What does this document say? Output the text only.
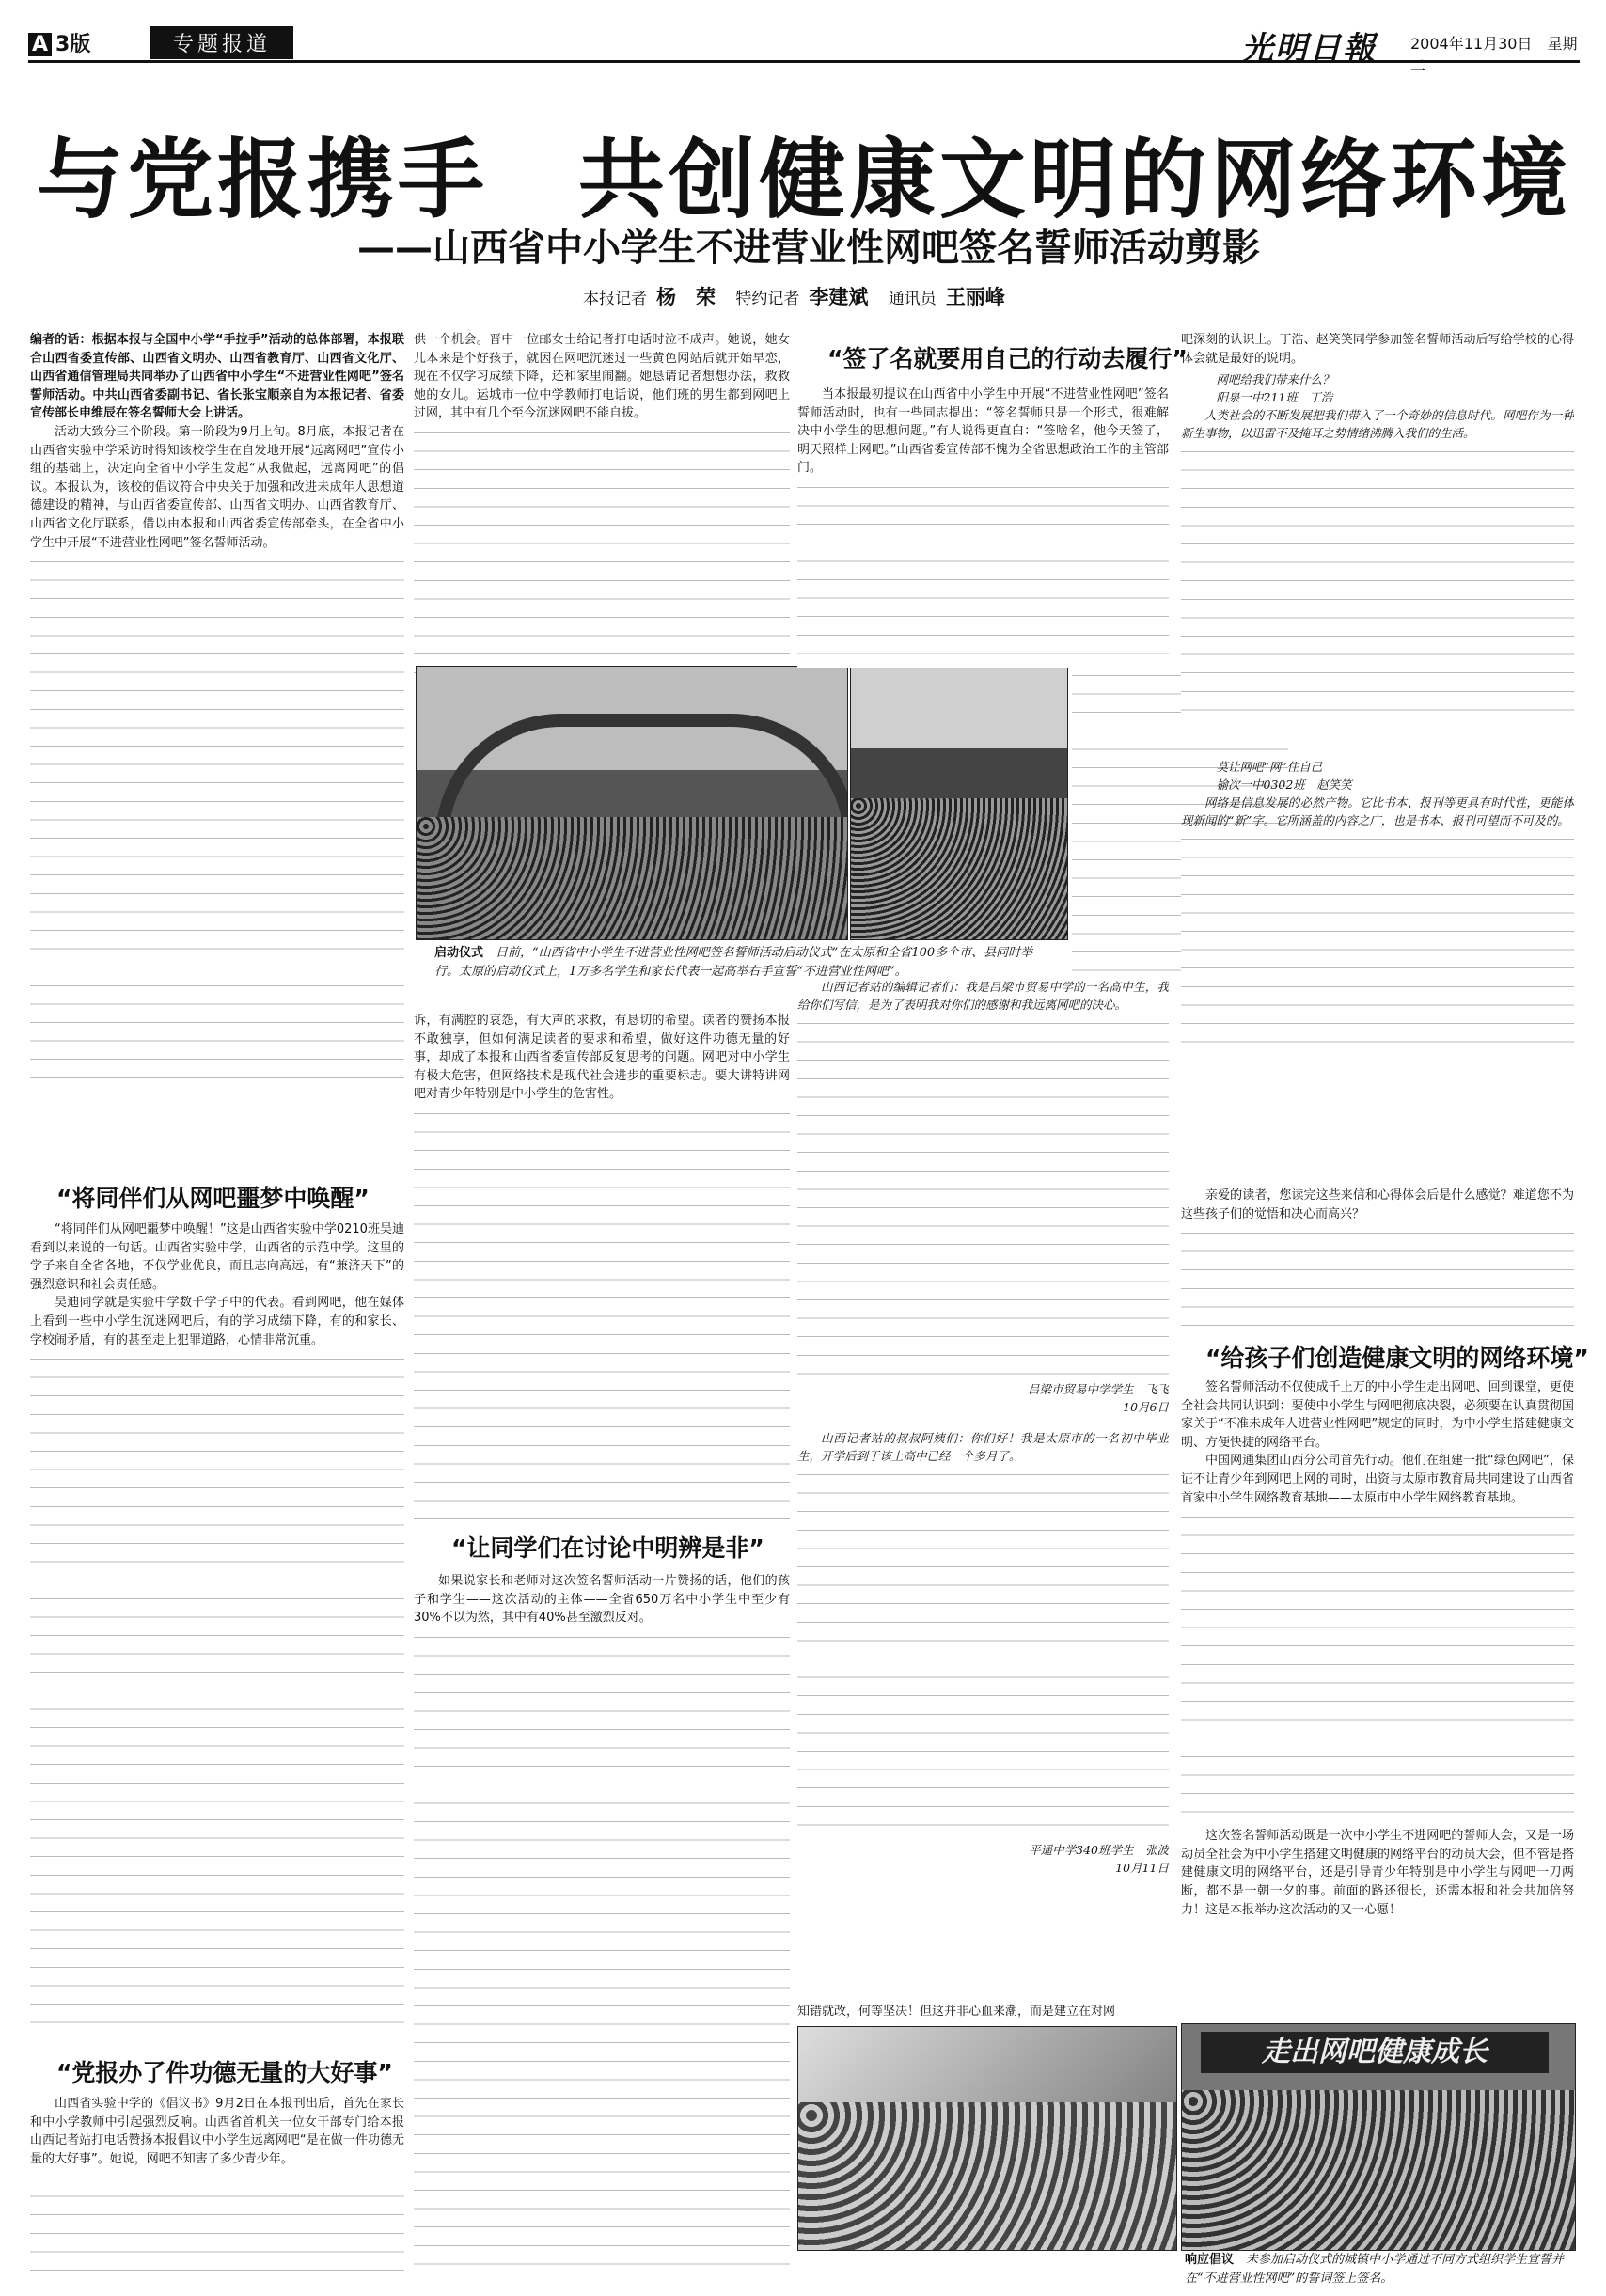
A 3版	专题报道	光明日報 2004年11月30日　星期二
与党报携手　共创健康文明的网络环境
——山西省中小学生不进营业性网吧签名誓师活动剪影
本报记者 杨　荣 特约记者 李建斌 通讯员 王丽峰

编者的话：根据本报与全国中小学“手拉手”活动的总体部署，本报联合山西省委宣传部、山西省文明办、山西省教育厅、山西省文化厅、山西省通信管理局共同举办了山西省中小学生“不进营业性网吧”签名誓师活动。中共山西省委副书记、省长张宝顺亲自为本报记者、省委宣传部长申维辰在签名誓师大会上讲话。

活动大致分三个阶段。第一阶段为9月上旬。8月底，本报记者在山西省实验中学采访时得知该校学生在自发地开展“远离网吧”宣传小组的基础上，决定向全省中小学生发起“从我做起，远离网吧”的倡议。本报认为，该校的倡议符合中央关于加强和改进未成年人思想道德建设的精神，与山西省委宣传部、山西省文明办、山西省教育厅、山西省文化厅联系，借以由本报和山西省委宣传部牵头，在全省中小学生中开展“不进营业性网吧”签名誓师活动。

“将同伴们从网吧噩梦中唤醒”

“将同伴们从网吧噩梦中唤醒！”这是山西省实验中学0210班吴迪看到以来说的一句话。山西省实验中学，山西省的示范中学。这里的学子来自全省各地，不仅学业优良，而且志向高远，有“兼济天下”的强烈意识和社会责任感。

吴迪同学就是实验中学数千学子中的代表。看到网吧，他在媒体上看到一些中小学生沉迷网吧后，有的学习成绩下降，有的和家长、学校闹矛盾，有的甚至走上犯罪道路，心情非常沉重。

“党报办了件功德无量的大好事”

山西省实验中学的《倡议书》9月2日在本报刊出后，首先在家长和中小学教师中引起强烈反响。山西省首机关一位女干部专门给本报山西记者站打电话赞扬本报倡议中小学生远离网吧“是在做一件功德无量的大好事”。她说，网吧不知害了多少青少年。

供一个机会。晋中一位邮女士给记者打电话时泣不成声。她说，她女儿本来是个好孩子，就因在网吧沉迷过一些黄色网站后就开始早恋，现在不仅学习成绩下降，还和家里闹翻。她恳请记者想想办法，救救她的女儿。运城市一位中学教师打电话说，他们班的男生都到网吧上过网，其中有几个至今沉迷网吧不能自拔。

启动仪式　 日前，“山西省中小学生不进营业性网吧签名誓师活动启动仪式”在太原和全省100多个市、县同时举行。太原的启动仪式上，1万多名学生和家长代表一起高举右手宣誓“不进营业性网吧”。

诉，有满腔的哀怨，有大声的求救，有恳切的希望。读者的赞扬本报不敢独享，但如何满足读者的要求和希望，做好这件功德无量的好事，却成了本报和山西省委宣传部反复思考的问题。网吧对中小学生有极大危害，但网络技术是现代社会进步的重要标志。要大讲特讲网吧对青少年特别是中小学生的危害性。

“让同学们在讨论中明辨是非”

如果说家长和老师对这次签名誓师活动一片赞扬的话，他们的孩子和学生——这次活动的主体——全省650万名中小学生中至少有30%不以为然，其中有40%甚至激烈反对。

“签了名就要用自己的行动去履行”

当本报最初提议在山西省中小学生中开展“不进营业性网吧”签名誓师活动时，也有一些同志提出：“签名誓师只是一个形式，很难解决中小学生的思想问题。”有人说得更直白：“签啥名，他今天签了，明天照样上网吧。”山西省委宣传部不愧为全省思想政治工作的主管部门。

山西记者站的编辑记者们：我是吕梁市贸易中学的一名高中生，我给你们写信，是为了表明我对你们的感谢和我远离网吧的决心。

吕梁市贸易中学学生　飞飞

10月6日

山西记者站的叔叔阿姨们：你们好！我是太原市的一名初中毕业生，开学后到于该上高中已经一个多月了。

平遥中学340班学生　张波

10月11日

知错就改，何等坚决！但这并非心血来潮，而是建立在对网

走出网吧健康成长
响应倡议　 未参加启动仪式的城镇中小学通过不同方式组织学生宣誓并在“不进营业性网吧”的誓词签上签名。

吧深刻的认识上。丁浩、赵笑笑同学参加签名誓师活动后写给学校的心得体会就是最好的说明。

网吧给我们带来什么？

阳泉一中211班　丁浩

人类社会的不断发展把我们带入了一个奇妙的信息时代。网吧作为一种新生事物，以迅雷不及掩耳之势情绪沸腾入我们的生活。

莫让网吧“网”住自己

榆次一中0302班　赵笑笑

网络是信息发展的必然产物。它比书本、报刊等更具有时代性，更能体现新闻的“新”字。它所涵盖的内容之广，也是书本、报刊可望而不可及的。

亲爱的读者，您读完这些来信和心得体会后是什么感觉？难道您不为这些孩子们的觉悟和决心而高兴？

“给孩子们创造健康文明的网络环境”

签名誓师活动不仅使成千上万的中小学生走出网吧、回到课堂，更使全社会共同认识到：要使中小学生与网吧彻底决裂，必须要在认真贯彻国家关于“不准未成年人进营业性网吧”规定的同时，为中小学生搭建健康文明、方便快捷的网络平台。

中国网通集团山西分公司首先行动。他们在组建一批“绿色网吧”，保证不让青少年到网吧上网的同时，出资与太原市教育局共同建设了山西省首家中小学生网络教育基地——太原市中小学生网络教育基地。

这次签名誓师活动既是一次中小学生不进网吧的誓师大会，又是一场动员全社会为中小学生搭建文明健康的网络平台的动员大会，但不管是搭建健康文明的网络平台，还是引导青少年特别是中小学生与网吧一刀两断，都不是一朝一夕的事。前面的路还很长，还需本报和社会共加倍努力！这是本报举办这次活动的又一心愿！
